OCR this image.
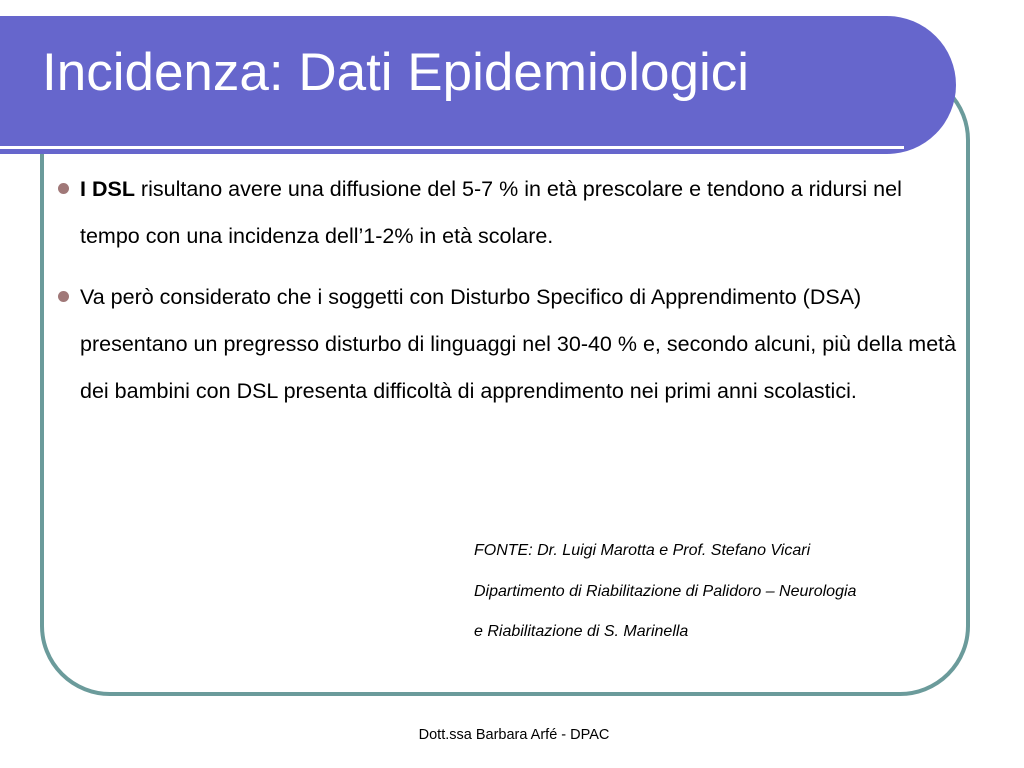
Incidenza: Dati Epidemiologici
I DSL risultano avere una diffusione del 5-7 % in età prescolare e tendono a ridursi nel tempo con una incidenza dell’1-2% in età scolare.
Va però considerato che i soggetti con Disturbo Specifico di Apprendimento (DSA) presentano un pregresso disturbo di linguaggi nel 30-40 % e, secondo alcuni, più della metà dei bambini con DSL presenta difficoltà di apprendimento nei primi anni scolastici.
FONTE: Dr. Luigi Marotta e Prof. Stefano Vicari
Dipartimento di Riabilitazione di Palidoro – Neurologia
e Riabilitazione di S. Marinella
Dott.ssa Barbara Arfé - DPAC
